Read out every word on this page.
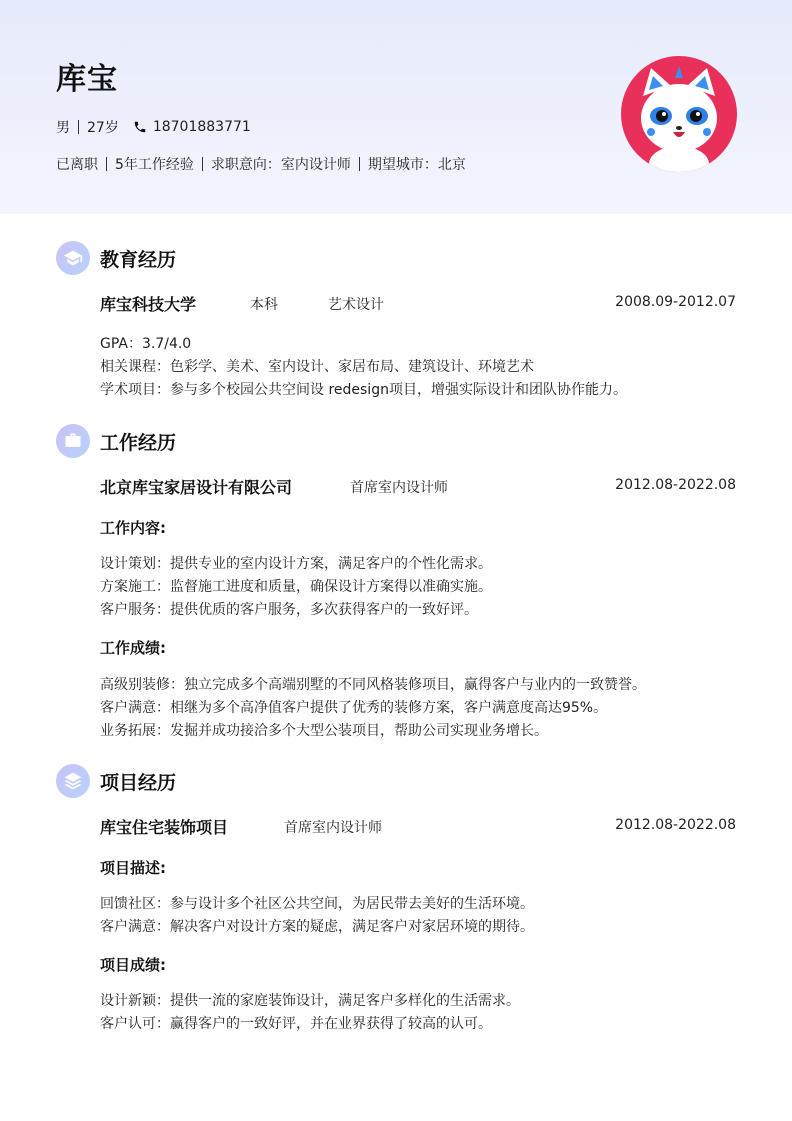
库宝
男 27岁 18701883771
已离职 5年工作经验 求职意向：室内设计师 期望城市：北京
教育经历
库宝科技大学	本科	艺术设计	2008.09-2012.07
GPA：3.7/4.0
相关课程：色彩学、美术、室内设计、家居布局、建筑设计、环境艺术
学术项目：参与多个校园公共空间设 redesign项目，增强实际设计和团队协作能力。
工作经历
北京库宝家居设计有限公司	首席室内设计师	2012.08-2022.08
工作内容:
设计策划：提供专业的室内设计方案，满足客户的个性化需求。
方案施工：监督施工进度和质量，确保设计方案得以准确实施。
客户服务：提供优质的客户服务，多次获得客户的一致好评。
工作成绩:
高级别装修：独立完成多个高端别墅的不同风格装修项目，赢得客户与业内的一致赞誉。
客户满意：相继为多个高净值客户提供了优秀的装修方案，客户满意度高达95%。
业务拓展：发掘并成功接洽多个大型公装项目，帮助公司实现业务增长。
项目经历
库宝住宅装饰项目	首席室内设计师	2012.08-2022.08
项目描述:
回馈社区：参与设计多个社区公共空间，为居民带去美好的生活环境。
客户满意：解决客户对设计方案的疑虑，满足客户对家居环境的期待。
项目成绩:
设计新颖：提供一流的家庭装饰设计，满足客户多样化的生活需求。
客户认可：赢得客户的一致好评，并在业界获得了较高的认可。
